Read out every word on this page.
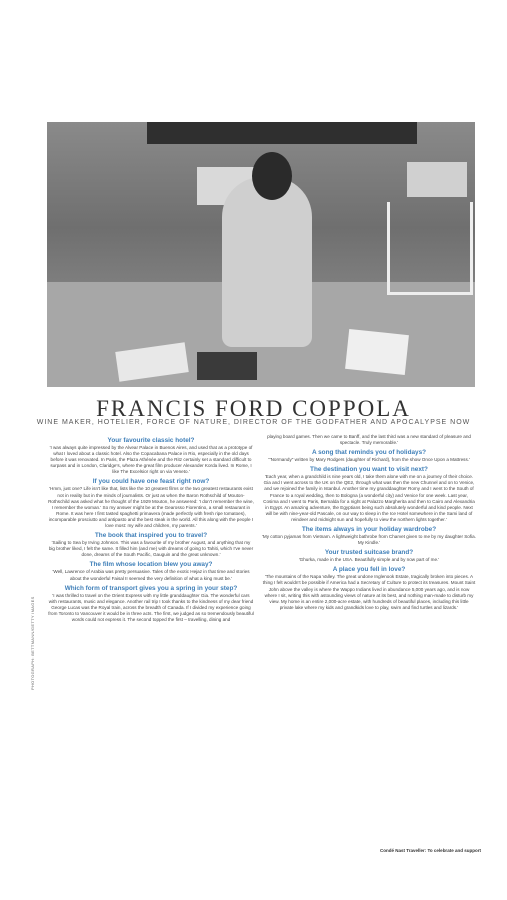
PHOTOGRAPH: BETTMANN/GETTY IMAGES
FRANCIS FORD COPPOLA
WINE MAKER, HOTELIER, FORCE OF NATURE, DIRECTOR OF THE GODFATHER AND APOCALYPSE NOW

Your favourite classic hotel?

'I was always quite impressed by the Alvear Palace in Buenos Aires, and used that as a prototype of what I loved about a classic hotel. Also the Copacabana Palace in Rio, especially in the old days before it was renovated. In Paris, the Plaza Athénée and the Ritz certainly set a standard difficult to surpass and in London, Claridge's, where the great film producer Alexander Korda lived. In Rome, I like The Excelsior right on via Veneto.'

If you could have one feast right now?

'Hmm, just one? Life isn't like that, lists like the 10 greatest films or the two greatest restaurants exist not in reality but in the minds of journalists. Or just as when the Baron Rothschild of Mouton-Rothschild was asked what he thought of the 1929 Mouton, he answered: 'I don't remember the wine, I remember the woman.' So my answer might be at the Gearosso Fiorentino, a small restaurant in Rome. It was here I first tasted spaghetti primavera (made perfectly with fresh ripe tomatoes), incomparable prosciutto and antipasto and the best steak in the world. All this along with the people I love most: my wife and children, my parents.'

The book that inspired you to travel?

'Sailing to Sea by Irving Johnson. This was a favourite of my brother August, and anything that my big brother liked, I felt the same. It filled him (and me) with dreams of going to Tahiti, which I've never done, dreams of the South Pacific, Gauguin and the great unknown.'

The film whose location blew you away?

'Well, Lawrence of Arabia was pretty persuasive. Tales of the exotic Hejaz in that time and stories about the wonderful Faisal II seemed the very definition of what a king must be.'

Which form of transport gives you a spring in your step?

'I was thrilled to travel on the Orient Express with my little granddaughter Gia. The wonderful cars with restaurants, music and elegance. Another rail trip I took thanks to the kindness of my dear friend George Lucas was the Royal train, across the breadth of Canada. If I divided my experience going from Toronto to Vancouver it would be in three acts. The first, we judged as so tremendously beautiful words could not express it. The second topped the first – travelling, dining and

playing board games. Then we came to Banff, and the last third was a new standard of pleasure and spectacle. Truly memorable.'

A song that reminds you of holidays?

'"Normandy" written by Mary Rodgers (daughter of Richard), from the show Once Upon a Mattress.'

The destination you want to visit next?

'Each year, when a grandchild is nine years old, I take them alone with me on a journey of their choice. Gia and I went across to the UK on the QE2, through what was then the new Chunnel and on to Venice, and we rejoined the family in Istanbul. Another time my granddaughter Romy and I went to the South of France to a royal wedding, then to Bologna (a wonderful city) and Venice for one week. Last year, Cosima and I went to Paris, Bernalda for a night at Palazzo Margherita and then to Cairo and Alexandria in Egypt. An amazing adventure, the Egyptians being such absolutely wonderful and kind people. Next will be with nine-year-old Pascale, on our way to sleep in the Ice Hotel somewhere in the Sami land of reindeer and midnight sun and hopefully to view the northern lights together.'

The items always in your holiday wardrobe?

'My cotton pyjamas from Vietnam. A lightweight bathrobe from Charvet given to me by my daughter Sofia. My Kindle.'

Your trusted suitcase brand?

'Ghurka, made in the USA. Beautifully simple and by now part of me.'

A place you fell in love?

'The mountains of the Napa Valley. The great undone Inglenook Estate, tragically broken into pieces. A thing I felt wouldn't be possible if America had a Secretary of Culture to protect its treasures. Mount Saint John above the valley is where the Wappo Indians lived in abundance 5,000 years ago, and is now where I sit, writing this with astounding views of nature at its best, and nothing man-made to disturb my view. My home is an entire 2,000-acre estate, with hundreds of beautiful places, including this little private lake where my kids and grandkids love to play, swim and find turtles and lizards.'

Condé Nast Traveller: To celebrate and support
